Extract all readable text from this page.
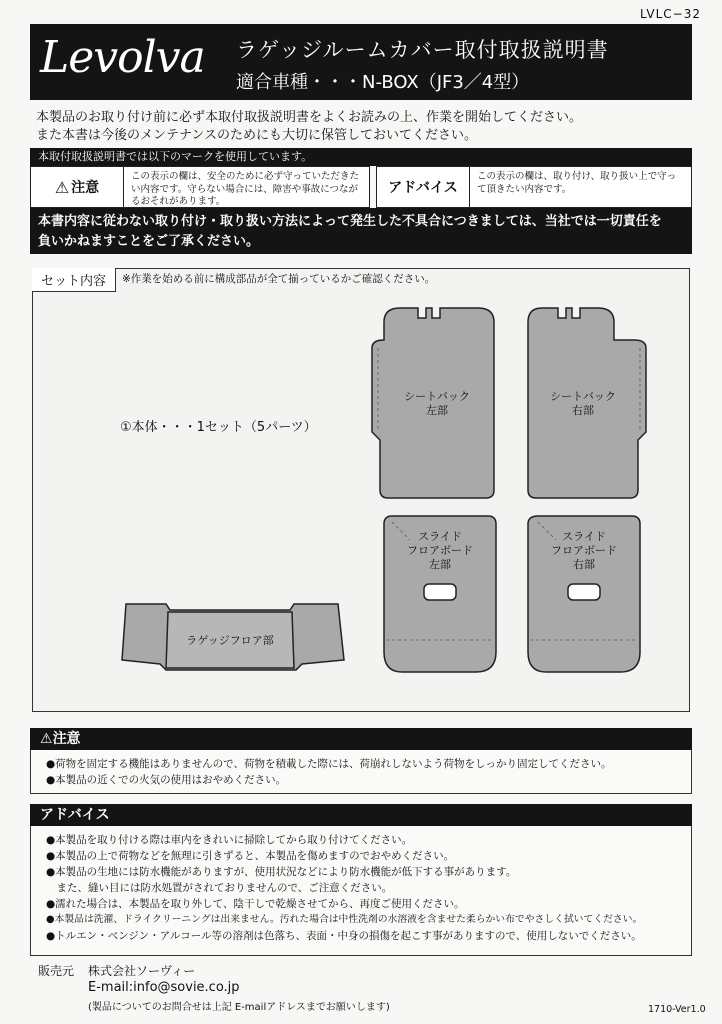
LVLC−32
Levolva ラゲッジルームカバー取付取扱説明書
適合車種・・・N-BOX（JF3／4型）
本製品のお取り付け前に必ず本取付取扱説明書をよくお読みの上、作業を開始してください。
また本書は今後のメンテナンスのためにも大切に保管しておいてください。
本取付取扱説明書では以下のマークを使用しています。
⚠ 注意
この表示の欄は、安全のために必ず守っていただきたい内容です。守らない場合には、障害や事故につながるおそれがあります。
アドバイス
この表示の欄は、取り付け、取り扱い上で守って頂きたい内容です。
本書内容に従わない取り付け・取り扱い方法によって発生した不具合につきましては、当社では一切責任を
負いかねますことをご了承ください。
セット内容	※作業を始める前に構成部品が全て揃っているかご確認ください。
①本体・・・1セット（5パーツ）
シートバック
左部
シートバック
右部
スライド
フロアボード
左部
スライド
フロアボード
右部
ラゲッジフロア部
⚠注意
●荷物を固定する機能はありませんので、荷物を積載した際には、荷崩れしないよう荷物をしっかり固定してください。
●本製品の近くでの火気の使用はおやめください。
アドバイス
●本製品を取り付ける際は車内をきれいに掃除してから取り付けてください。
●本製品の上で荷物などを無理に引きずると、本製品を傷めますのでおやめください。
●本製品の生地には防水機能がありますが、使用状況などにより防水機能が低下する事があります。
　また、縫い目には防水処置がされておりませんので、ご注意ください。
●濡れた場合は、本製品を取り外して、陰干しで乾燥させてから、再度ご使用ください。
●本製品は洗濯、ドライクリーニングは出来ません。汚れた場合は中性洗剤の水溶液を含ませた柔らかい布でやさしく拭いてください。
●トルエン・ベンジン・アルコール等の溶剤は色落ち、表面・中身の損傷を起こす事がありますので、使用しないでください。
販売元 株式会社ソーヴィー
E-mail:info@sovie.co.jp
(製品についてのお問合せは上記 E-mailアドレスまでお願いします)	1710-Ver1.0
